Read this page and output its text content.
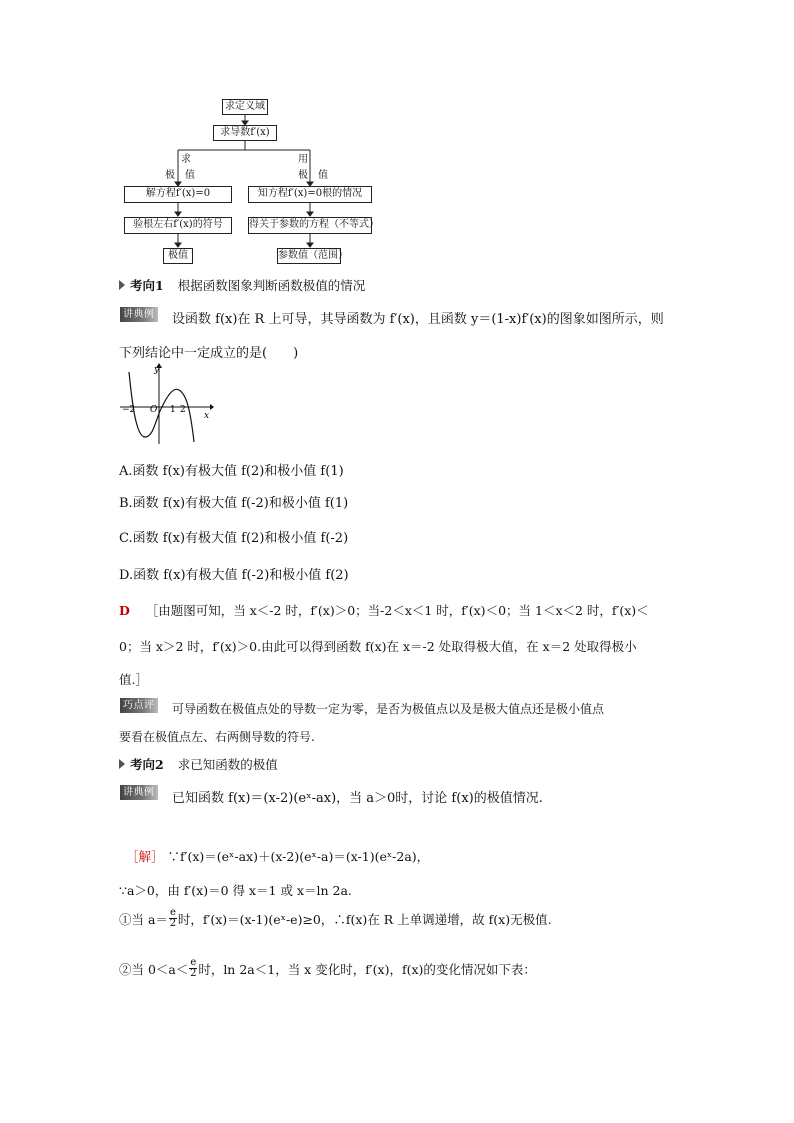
求定义域
求导数f′(x)
求	用
极　值	极　值
解方程f′(x)=0	知方程f′(x)=0根的情况
验根左右f′(x)的符号	得关于参数的方程（不等式）
极值	参数值（范围）
考向1 根据函数图象判断函数极值的情况
讲典例 设函数 f(x)在 R 上可导，其导函数为 f′(x)，且函数 y＝(1-x)f′(x)的图象如图所示，则
下列结论中一定成立的是(　　)
y
x
−2 O 1 2
A.函数 f(x)有极大值 f(2)和极小值 f(1)
B.函数 f(x)有极大值 f(-2)和极小值 f(1)
C.函数 f(x)有极大值 f(2)和极小值 f(-2)
D.函数 f(x)有极大值 f(-2)和极小值 f(2)
D ［由题图可知，当 x＜-2 时，f′(x)＞0；当-2＜x＜1 时，f′(x)＜0；当 1＜x＜2 时，f′(x)＜
0；当 x＞2 时，f′(x)＞0.由此可以得到函数 f(x)在 x＝-2 处取得极大值，在 x＝2 处取得极小
值.］
巧点评 可导函数在极值点处的导数一定为零，是否为极值点以及是极大值点还是极小值点
要看在极值点左、右两侧导数的符号.
考向2 求已知函数的极值
讲典例 已知函数 f(x)＝(x-2)(eˣ-ax)，当 a＞0时，讨论 f(x)的极值情况.
［解］ ∵f′(x)＝(eˣ-ax)＋(x-2)(eˣ-a)＝(x-1)(eˣ-2a)，
∵a＞0，由 f′(x)＝0 得 x＝1 或 x＝ln 2a.
①当 $a= \frac{e}{2}$ 时，f′(x)＝(x-1)(eˣ-e)≥0，∴f(x)在 R 上单调递增，故 f(x)无极值.
②当 $0<a< \frac{e}{2}$ 时，ln 2a＜1，当 x 变化时，f′(x)，f(x)的变化情况如下表：
